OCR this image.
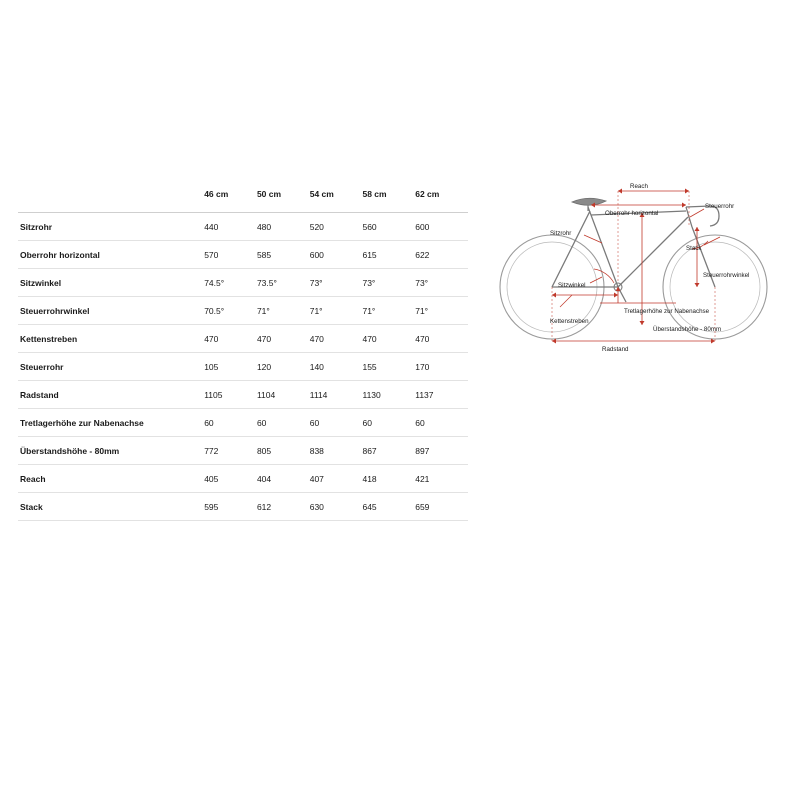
	46 cm	50 cm	54 cm	58 cm	62 cm
Sitzrohr	440	480	520	560	600
Oberrohr horizontal	570	585	600	615	622
Sitzwinkel	74.5°	73.5°	73°	73°	73°
Steuerrohrwinkel	70.5°	71°	71°	71°	71°
Kettenstreben	470	470	470	470	470
Steuerrohr	105	120	140	155	170
Radstand	1105	1104	1114	1130	1137
Tretlagerhöhe zur Nabenachse	60	60	60	60	60
Überstandshöhe - 80mm	772	805	838	867	897
Reach	405	404	407	418	421
Stack	595	612	630	645	659
Reach
Oberrohr horizontal
Steuerrohr
Sitzrohr
Stack
Steuerrohrwinkel
Sitzwinkel
Tretlagerhöhe zur Nabenachse
Kettenstreben
Überstandshöhe - 80mm
Radstand
